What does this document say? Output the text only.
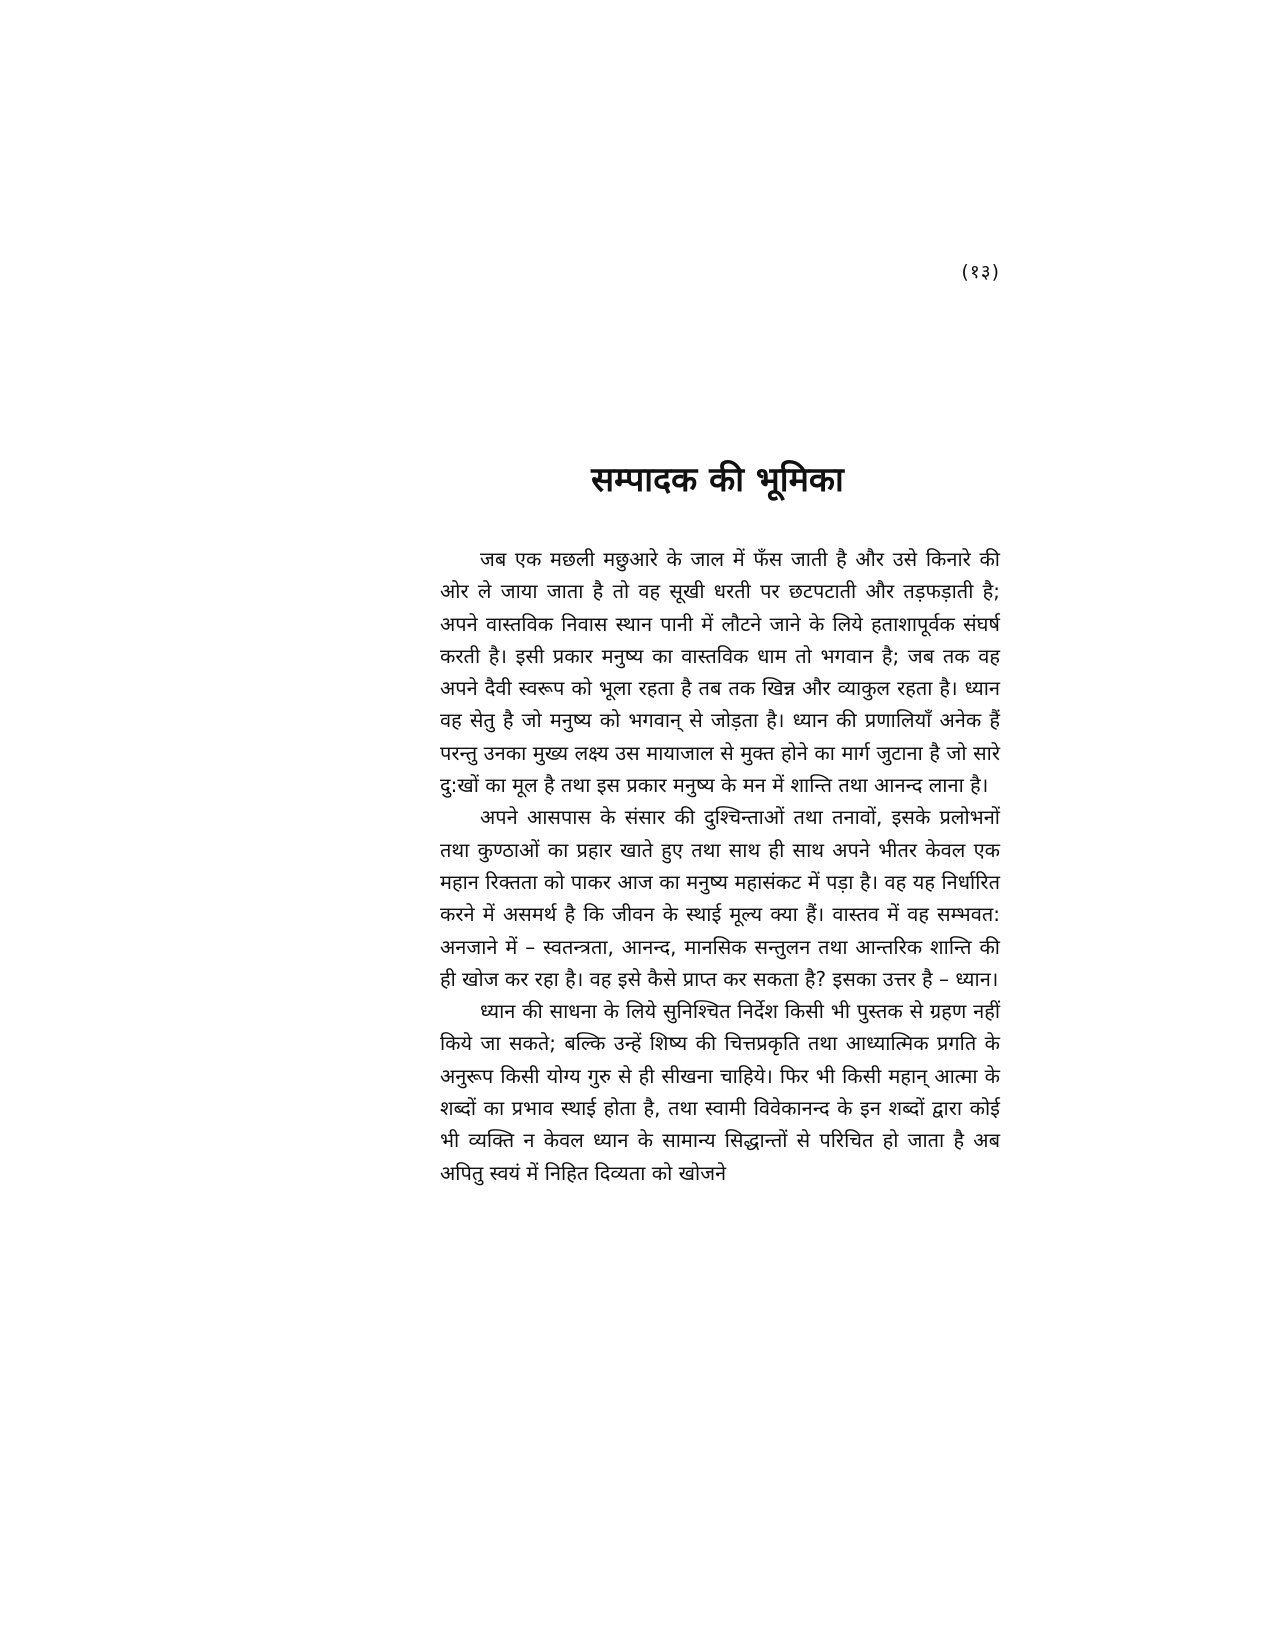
(१३)
सम्पादक की भूमिका

जब एक मछली मछुआरे के जाल में फँस जाती है और उसे किनारे की ओर ले जाया जाता है तो वह सूखी धरती पर छटपटाती और तड़फड़ाती है; अपने वास्तविक निवास स्थान पानी में लौटने जाने के लिये हताशापूर्वक संघर्ष करती है। इसी प्रकार मनुष्य का वास्तविक धाम तो भगवान है; जब तक वह अपने दैवी स्वरूप को भूला रहता है तब तक खिन्न और व्याकुल रहता है। ध्यान वह सेतु है जो मनुष्य को भगवान् से जोड़ता है। ध्यान की प्रणालियाँ अनेक हैं परन्तु उनका मुख्य लक्ष्य उस मायाजाल से मुक्त होने का मार्ग जुटाना है जो सारे दु:खों का मूल है तथा इस प्रकार मनुष्य के मन में शान्ति तथा आनन्द लाना है।

अपने आसपास के संसार की दुश्चिन्ताओं तथा तनावों, इसके प्रलोभनों तथा कुण्ठाओं का प्रहार खाते हुए तथा साथ ही साथ अपने भीतर केवल एक महान रिक्तता को पाकर आज का मनुष्य महासंकट में पड़ा है। वह यह निर्धारित करने में असमर्थ है कि जीवन के स्थाई मूल्य क्या हैं। वास्तव में वह सम्भवत: अनजाने में – स्वतन्त्रता, आनन्द, मानसिक सन्तुलन तथा आन्तरिक शान्ति की ही खोज कर रहा है। वह इसे कैसे प्राप्त कर सकता है? इसका उत्तर है – ध्यान।

ध्यान की साधना के लिये सुनिश्चित निर्देश किसी भी पुस्तक से ग्रहण नहीं किये जा सकते; बल्कि उन्हें शिष्य की चित्तप्रकृति तथा आध्यात्मिक प्रगति के अनुरूप किसी योग्य गुरु से ही सीखना चाहिये। फिर भी किसी महान् आत्मा के शब्दों का प्रभाव स्थाई होता है, तथा स्वामी विवेकानन्द के इन शब्दों द्वारा कोई भी व्यक्ति न केवल ध्यान के सामान्य सिद्धान्तों से परिचित हो जाता है अब अपितु स्वयं में निहित दिव्यता को खोजने
